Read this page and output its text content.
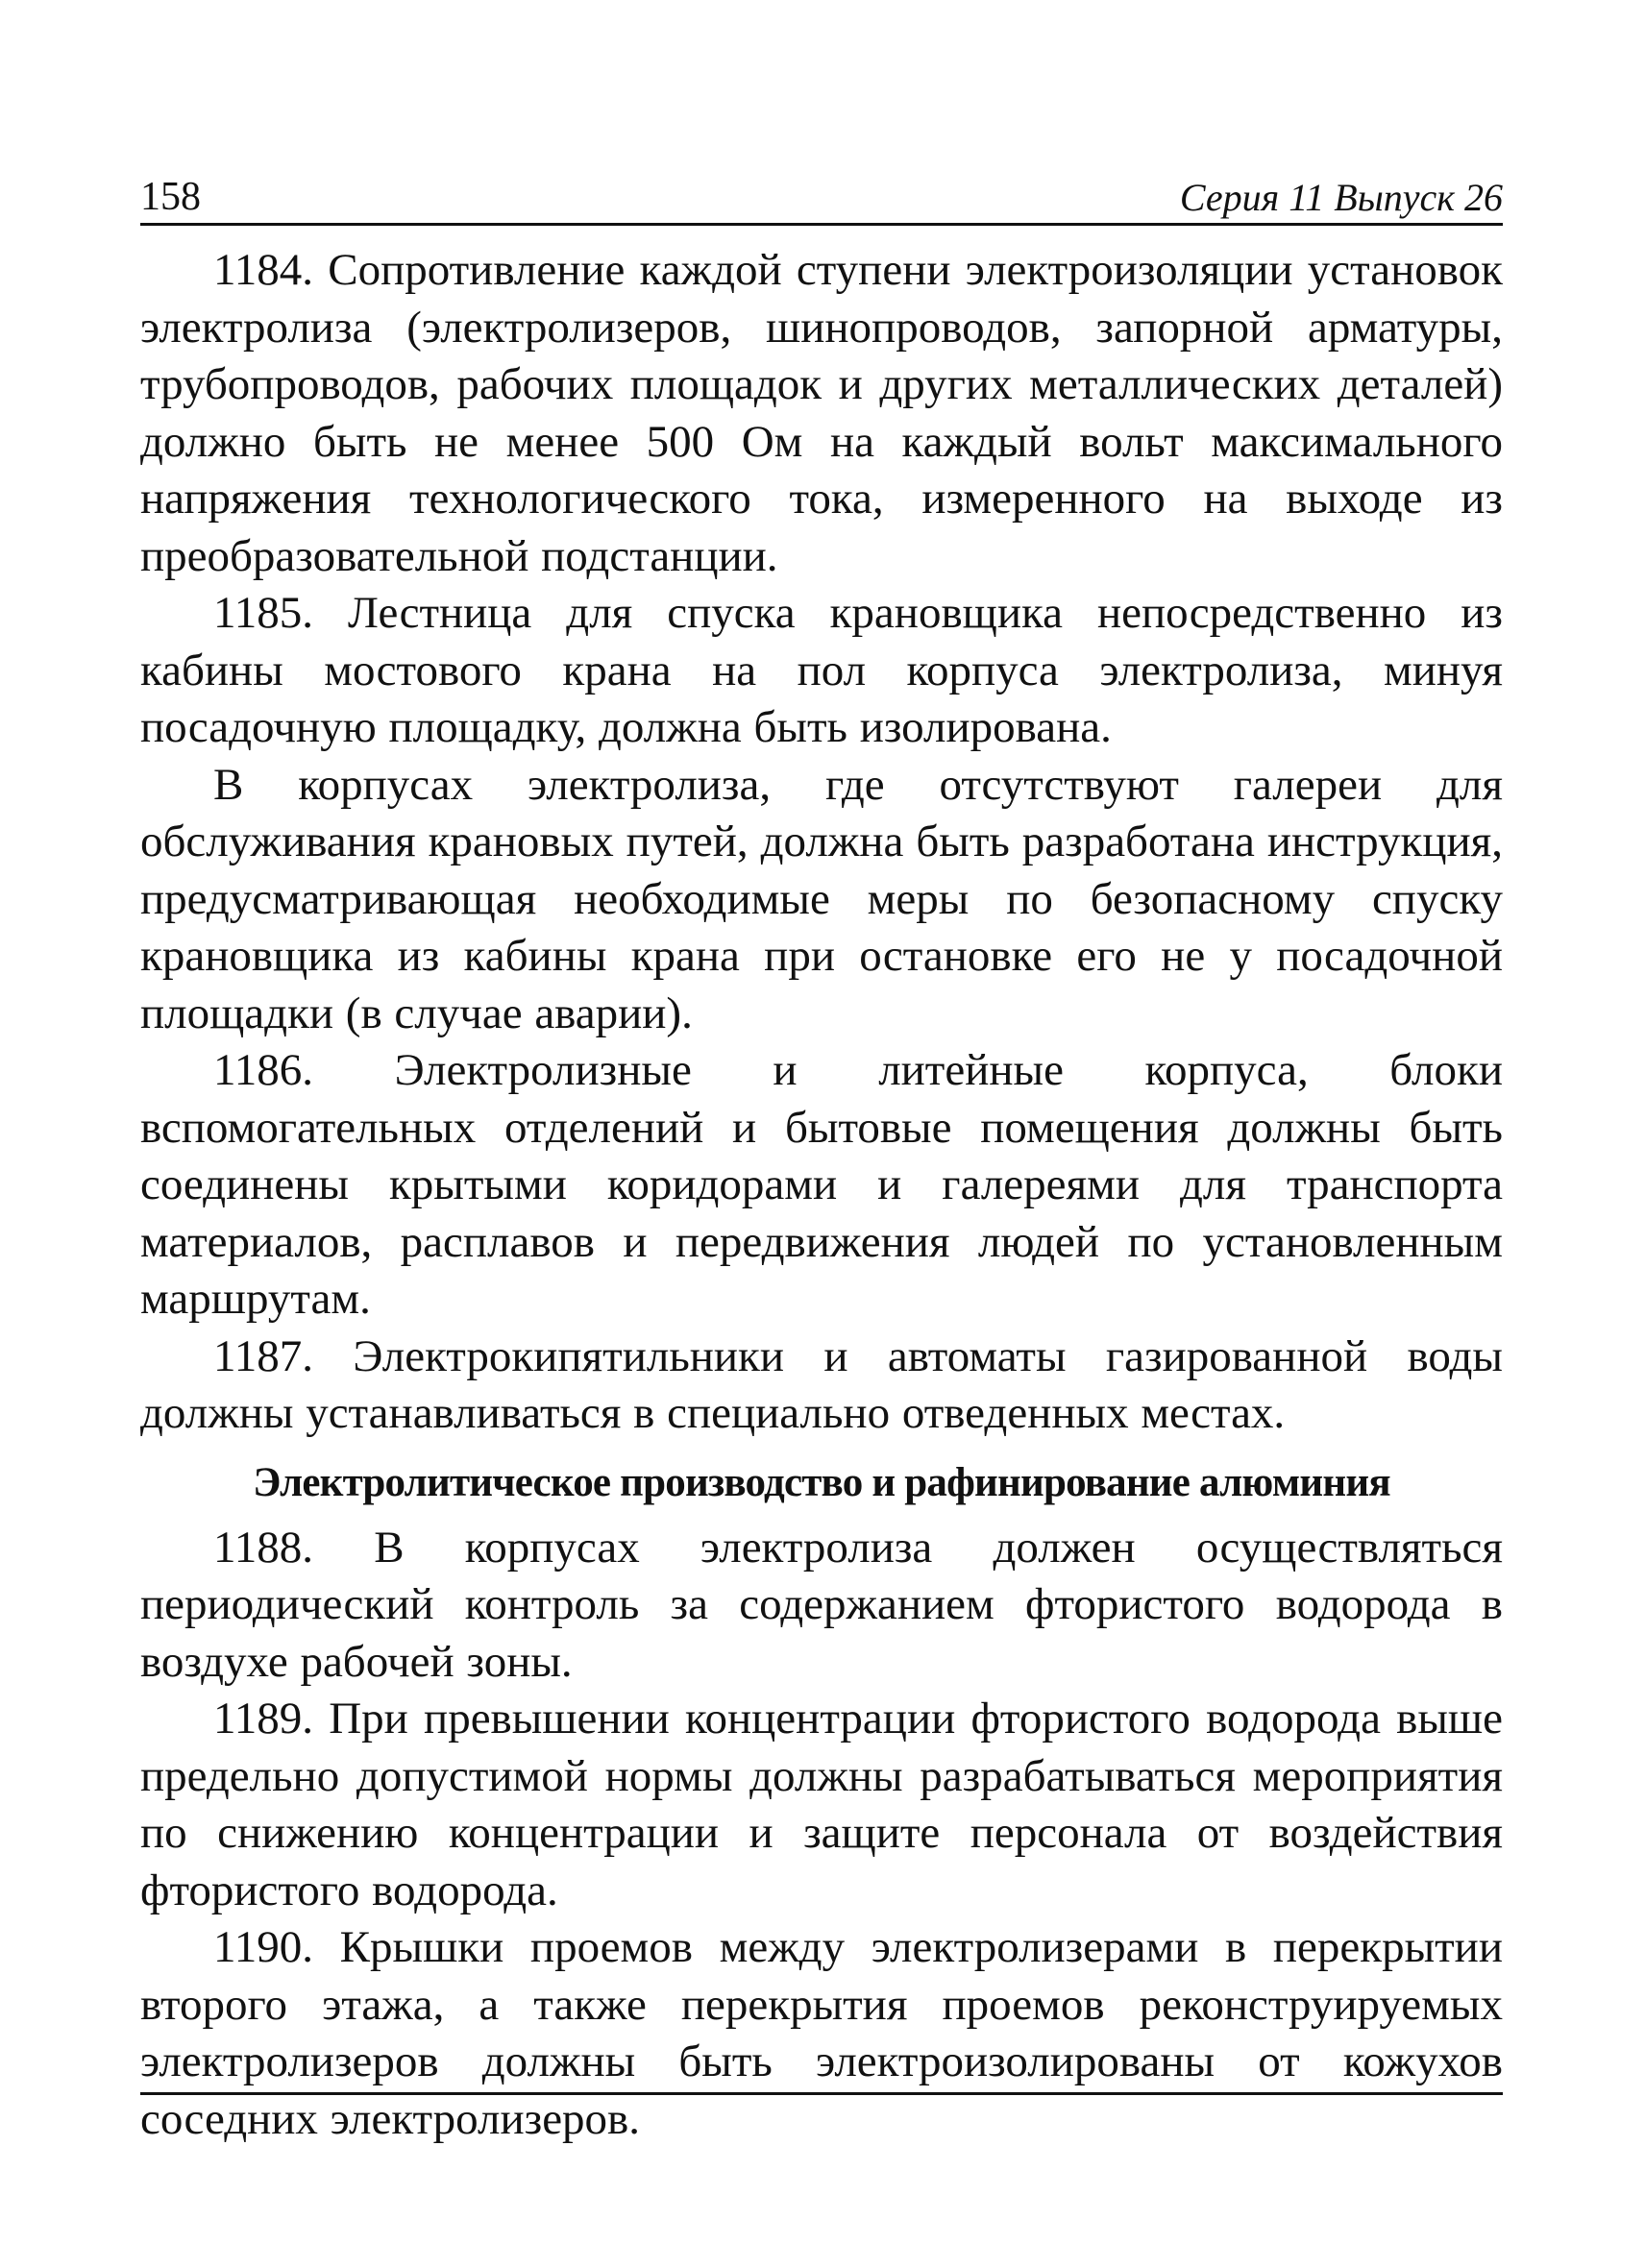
158	Серия 11 Выпуск 26

1184. Сопротивление каждой ступени электроизоляции установок электролиза (электролизеров, шинопроводов, запорной арматуры, трубопроводов, рабочих площадок и других металлических деталей) должно быть не менее 500 Ом на каждый вольт максимального напряжения технологического тока, измеренного на выходе из преобразовательной подстанции.

1185. Лестница для спуска крановщика непосредственно из кабины мостового крана на пол корпуса электролиза, минуя посадочную площадку, должна быть изолирована.

В корпусах электролиза, где отсутствуют галереи для обслуживания крановых путей, должна быть разработана инструкция, предусматривающая необходимые меры по безопасному спуску крановщика из кабины крана при остановке его не у посадочной площадки (в случае аварии).

1186. Электролизные и литейные корпуса, блоки вспомогательных отделений и бытовые помещения должны быть соединены крытыми коридорами и галереями для транспорта материалов, расплавов и передвижения людей по установленным маршрутам.

1187. Электрокипятильники и автоматы газированной воды должны устанавливаться в специально отведенных местах.

Электролитическое производство и рафинирование алюминия

1188. В корпусах электролиза должен осуществляться периодический контроль за содержанием фтористого водорода в воздухе рабочей зоны.

1189. При превышении концентрации фтористого водорода выше предельно допустимой нормы должны разрабатываться мероприятия по снижению концентрации и защите персонала от воздействия фтористого водорода.

1190. Крышки проемов между электролизерами в перекрытии второго этажа, а также перекрытия проемов реконструируемых электролизеров должны быть электроизолированы от кожухов соседних электролизеров.
